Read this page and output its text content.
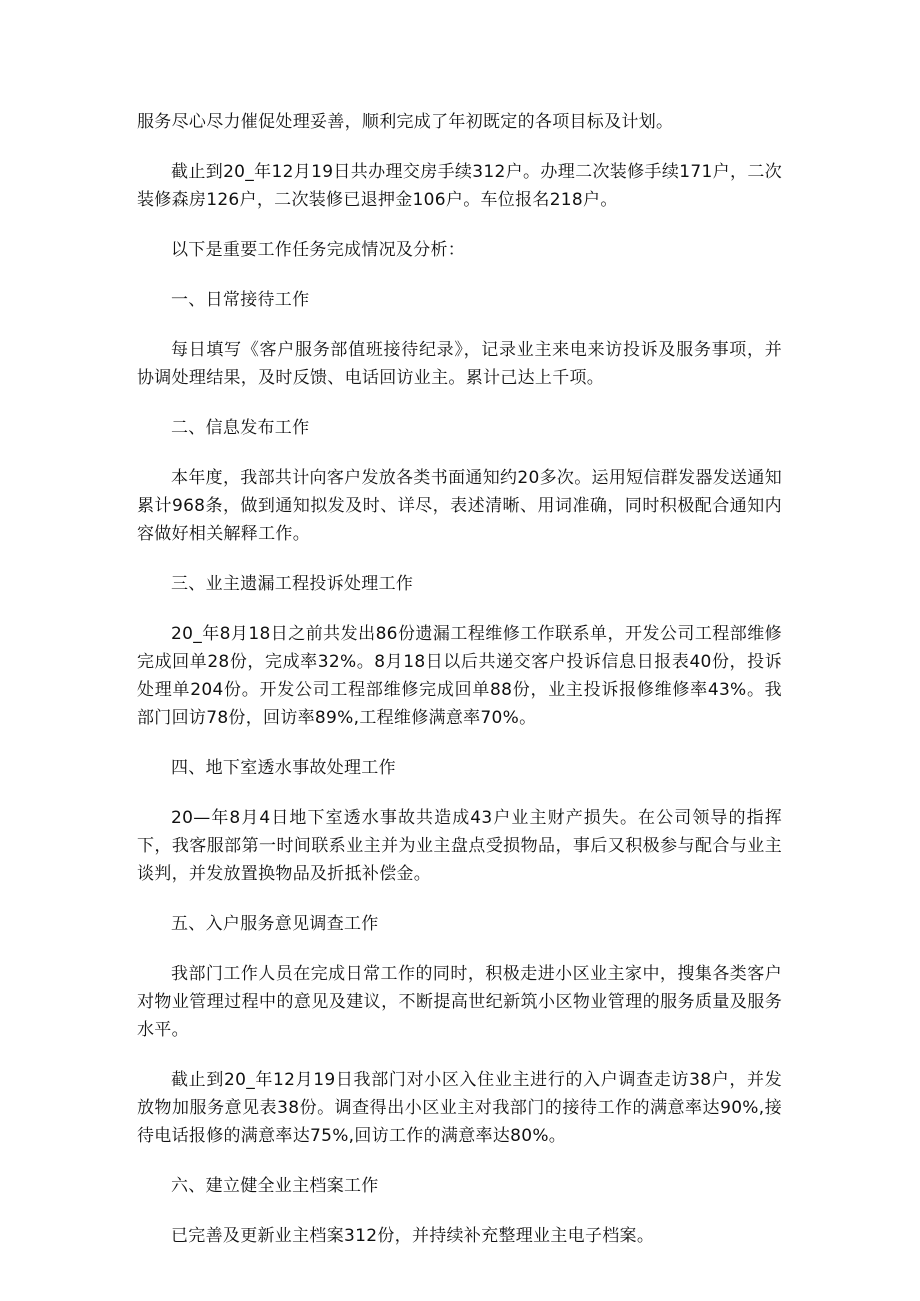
服务尽心尽力催促处理妥善，顺利完成了年初既定的各项目标及计划。

截止到20_年12月19日共办理交房手续312户。办理二次装修手续171户，二次装修森房126户，二次装修已退押金106户。车位报名218户。

以下是重要工作任务完成情况及分析：

一、日常接待工作

每日填写《客户服务部值班接待纪录》，记录业主来电来访投诉及服务事项，并协调处理结果，及时反馈、电话回访业主。累计己达上千项。

二、信息发布工作

本年度，我部共计向客户发放各类书面通知约20多次。运用短信群发器发送通知累计968条，做到通知拟发及时、详尽，表述清晰、用词准确，同时积极配合通知内容做好相关解释工作。

三、业主遗漏工程投诉处理工作

20_年8月18日之前共发出86份遗漏工程维修工作联系单，开发公司工程部维修完成回单28份，完成率32%。8月18日以后共递交客户投诉信息日报表40份，投诉处理单204份。开发公司工程部维修完成回单88份，业主投诉报修维修率43%。我部门回访78份，回访率89%,工程维修满意率70%。

四、地下室透水事故处理工作

20—年8月4日地下室透水事故共造成43户业主财产损失。在公司领导的指挥下，我客服部第一时间联系业主并为业主盘点受损物品，事后又积极参与配合与业主谈判，并发放置换物品及折抵补偿金。

五、入户服务意见调查工作

我部门工作人员在完成日常工作的同时，积极走进小区业主家中，搜集各类客户对物业管理过程中的意见及建议，不断提高世纪新筑小区物业管理的服务质量及服务水平。

截止到20_年12月19日我部门对小区入住业主进行的入户调查走访38户，并发放物加服务意见表38份。调查得出小区业主对我部门的接待工作的满意率达90%,接待电话报修的满意率达75%,回访工作的满意率达80%。

六、建立健全业主档案工作

已完善及更新业主档案312份，并持续补充整理业主电子档案。
